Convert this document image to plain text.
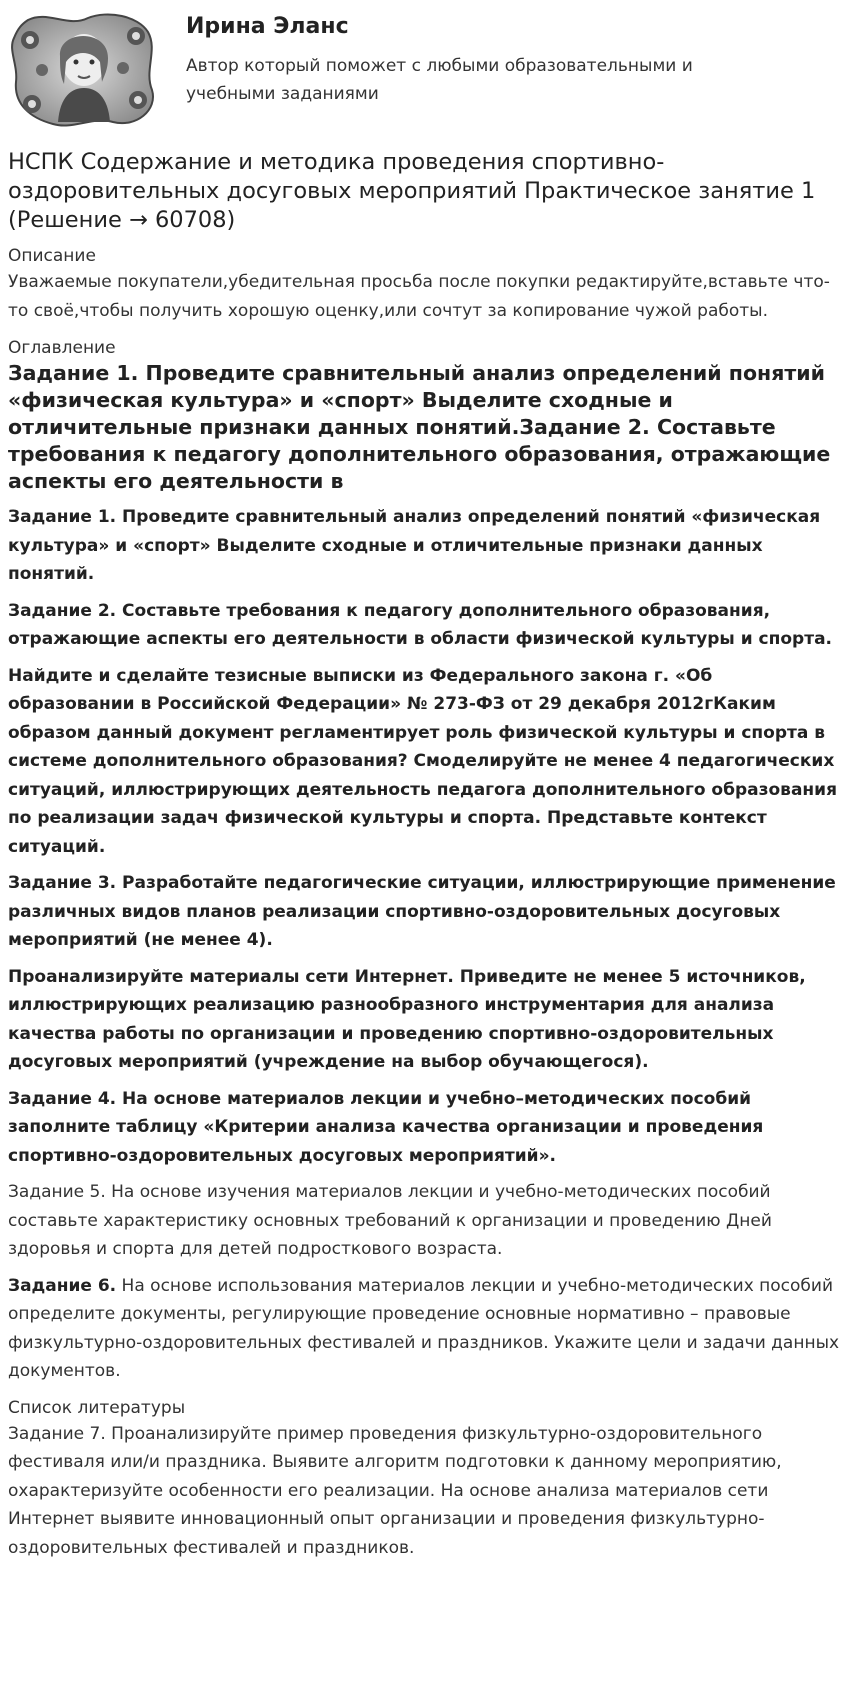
Ирина Эланс
Автор который поможет с любыми образовательными и учебными заданиями
НСПК Содержание и методика проведения спортивно-оздоровительных досуговых мероприятий Практическое занятие 1 (Решение → 60708)
Описание
Уважаемые покупатели,убедительная просьба после покупки редактируйте,вставьте что-то своё,чтобы получить хорошую оценку,или сочтут за копирование чужой работы.
Оглавление
Задание 1. Проведите сравнительный анализ определений понятий «физическая культура» и «спорт» Выделите сходные и отличительные признаки данных понятий.Задание 2. Составьте требования к педагогу дополнительного образования, отражающие аспекты его деятельности в
Задание 1. Проведите сравнительный анализ определений понятий «физическая культура» и «спорт» Выделите сходные и отличительные признаки данных понятий.
Задание 2. Составьте требования к педагогу дополнительного образования, отражающие аспекты его деятельности в области физической культуры и спорта.
Найдите и сделайте тезисные выписки из Федерального закона г. «Об образовании в Российской Федерации» № 273-ФЗ от 29 декабря 2012гКаким образом данный документ регламентирует роль физической культуры и спорта в системе дополнительного образования? Смоделируйте не менее 4 педагогических ситуаций, иллюстрирующих деятельность педагога дополнительного образования по реализации задач физической культуры и спорта. Представьте контекст ситуаций.
Задание 3. Разработайте педагогические ситуации, иллюстрирующие применение различных видов планов реализации спортивно-оздоровительных досуговых мероприятий (не менее 4).
Проанализируйте материалы сети Интернет. Приведите не менее 5 источников, иллюстрирующих реализацию разнообразного инструментария для анализа качества работы по организации и проведению спортивно-оздоровительных досуговых мероприятий (учреждение на выбор обучающегося).
Задание 4. На основе материалов лекции и учебно–методических пособий заполните таблицу «Критерии анализа качества организации и проведения спортивно-оздоровительных досуговых мероприятий».
Задание 5. На основе изучения материалов лекции и учебно-методических пособий составьте характеристику основных требований к организации и проведению Дней здоровья и спорта для детей подросткового возраста.
Задание 6. На основе использования материалов лекции и учебно-методических пособий определите документы, регулирующие проведение основные нормативно – правовые физкультурно-оздоровительных фестивалей и праздников. Укажите цели и задачи данных документов.
Список литературы
Задание 7. Проанализируйте пример проведения физкультурно-оздоровительного фестиваля или/и праздника. Выявите алгоритм подготовки к данному мероприятию, охарактеризуйте особенности его реализации. На основе анализа материалов сети Интернет выявите инновационный опыт организации и проведения физкультурно-оздоровительных фестивалей и праздников.
